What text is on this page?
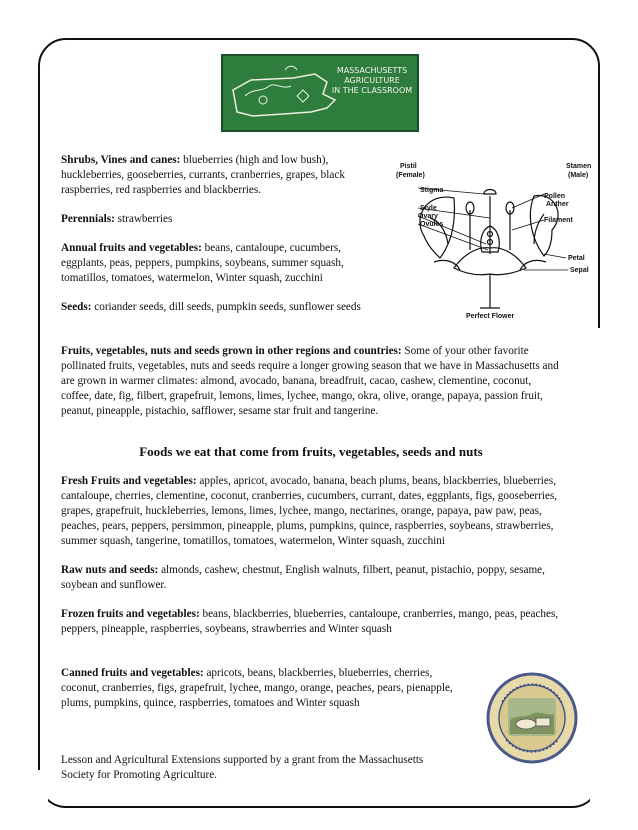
MASSACHUSETTS
AGRICULTURE
IN THE CLASSROOM

Shrubs, Vines and canes: blueberries (high and low bush), huckleberries, gooseberries, currants, cranberries, grapes, black raspberries, red raspberries and blackberries.

Perennials: strawberries

Annual fruits and vegetables: beans, cantaloupe, cucumbers, eggplants, peas, peppers, pumpkins, soybeans, summer squash, tomatillos, tomatoes, watermelon, Winter squash, zucchini

Seeds: coriander seeds, dill seeds, pumpkin seeds, sunflower seeds

Pistil
(Female)
Stamen
(Male)
Stigma
Style
Ovary
Ovules
Pollen
Anther
Filament
Petal
Sepal
Perfect Flower
Fruits, vegetables, nuts and seeds grown in other regions and countries: Some of your other favorite pollinated fruits, vegetables, nuts and seeds require a longer growing season that we have in Massachusetts and are grown in warmer climates: almond, avocado, banana, breadfruit, cacao, cashew, clementine, coconut, coffee, date, fig, filbert, grapefruit, lemons, limes, lychee, mango, okra, olive, orange, papaya, passion fruit, peanut, pineapple, pistachio, safflower, sesame star fruit and tangerine.
Foods we eat that come from fruits, vegetables, seeds and nuts

Fresh Fruits and vegetables: apples, apricot, avocado, banana, beach plums, beans, blackberries, blueberries, cantaloupe, cherries, clementine, coconut, cranberries, cucumbers, currant, dates, eggplants, figs, gooseberries, grapes, grapefruit, huckleberries, lemons, limes, lychee, mango, nectarines, orange, papaya, paw paw, peas, peaches, pears, peppers, persimmon, pineapple, plums, pumpkins, quince, raspberries, soybeans, strawberries, summer squash, tangerine, tomatillos, tomatoes, watermelon, Winter squash, zucchini

Raw nuts and seeds: almonds, cashew, chestnut, English walnuts, filbert, peanut, pistachio, poppy, sesame, soybean and sunflower.

Frozen fruits and vegetables: beans, blackberries, blueberries, cantaloupe, cranberries, mango, peas, peaches, peppers, pineapple, raspberries, soybeans, strawberries and Winter squash

Canned fruits and vegetables: apricots, beans, blackberries, blueberries, cherries, coconut, cranberries, figs, grapefruit, lychee, mango, orange, peaches, pears, pienapple, plums, pumpkins, quince, raspberries, tomatoes and Winter squash
Lesson and Agricultural Extensions supported by a grant from the Massachusetts
Society for Promoting Agriculture.
